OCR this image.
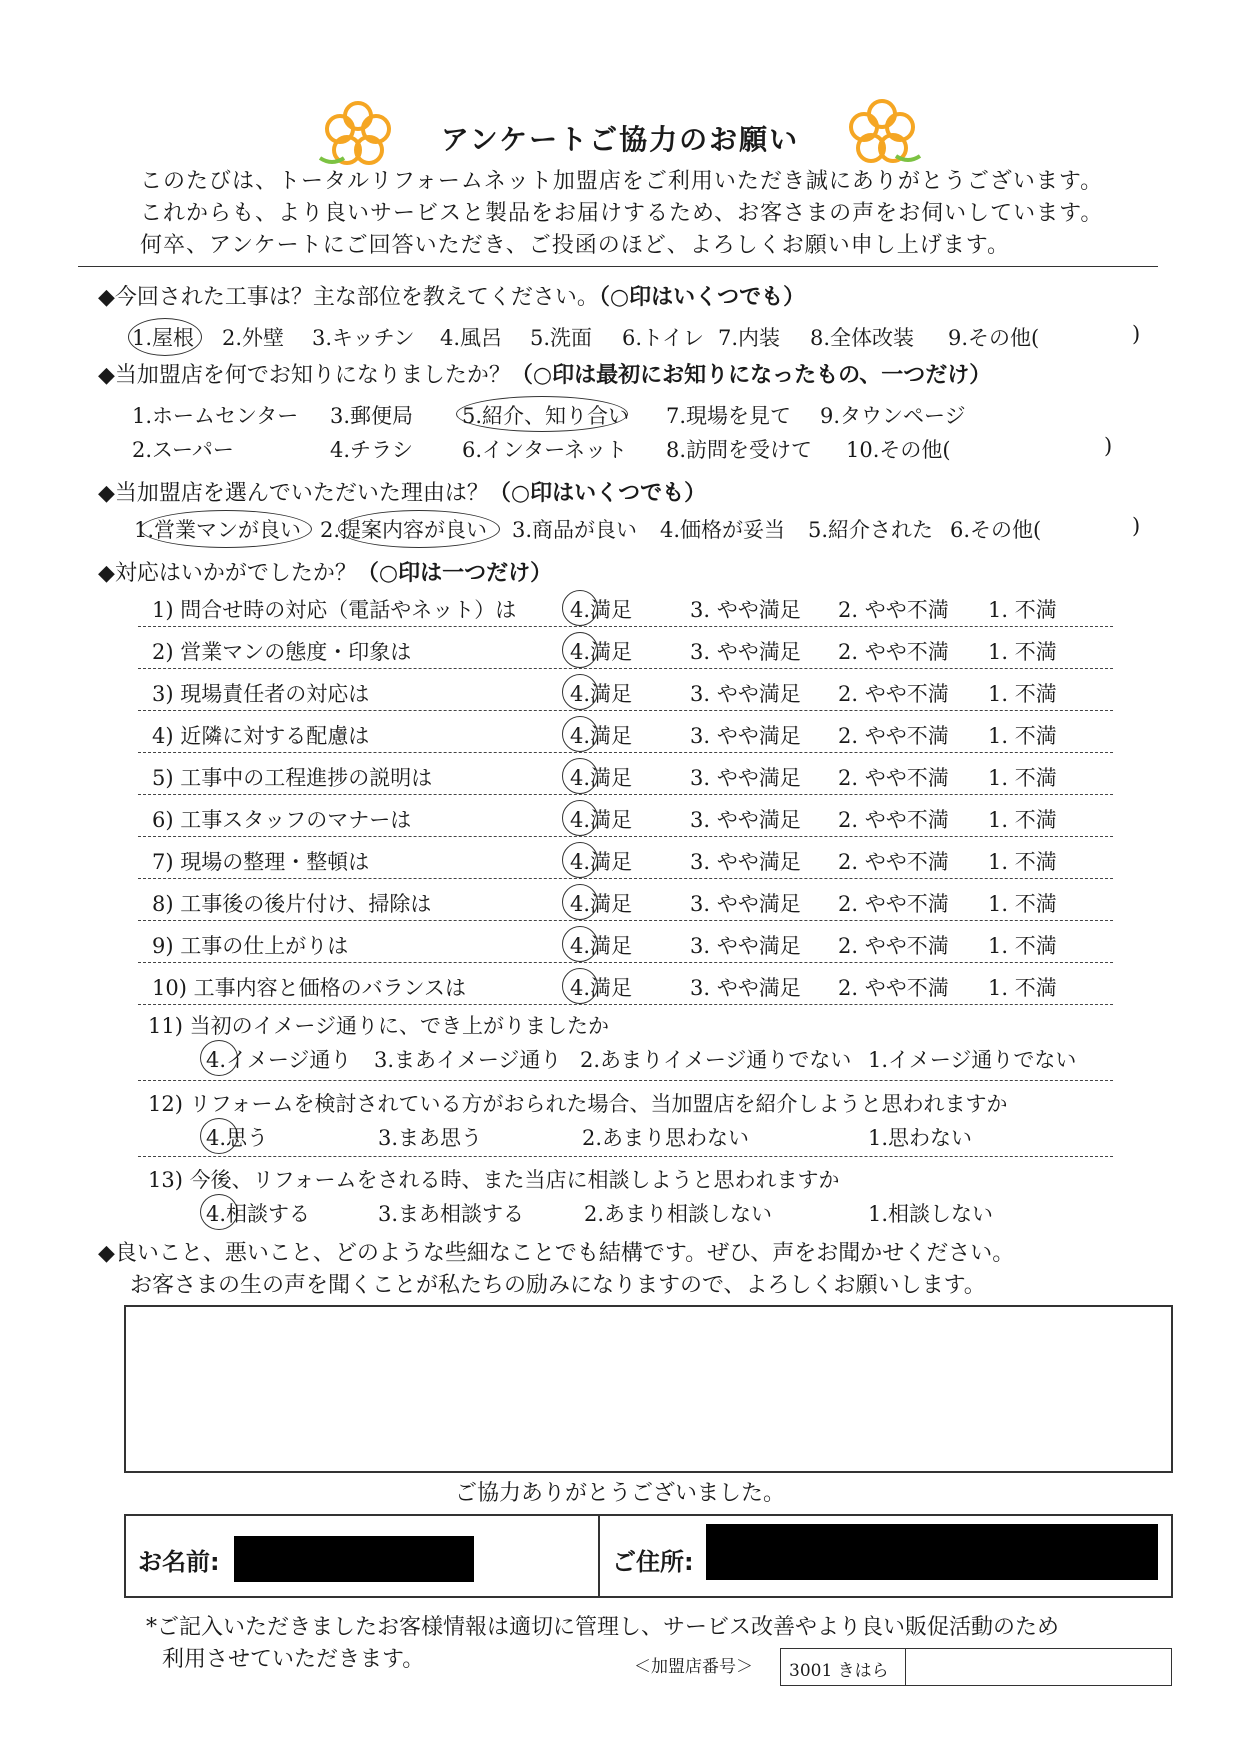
アンケートご協力のお願い
このたびは、トータルリフォームネット加盟店をご利用いただき誠にありがとうございます。
これからも、より良いサービスと製品をお届けするため、お客さまの声をお伺いしています。
何卒、アンケートにご回答いただき、ご投函のほど、よろしくお願い申し上げます。
◆今回された工事は？主な部位を教えてください。（○印はいくつでも）
1.屋根 2.外壁 3.キッチン 4.風呂 5.洗面 6.トイレ 7.内装 8.全体改装 9.その他(	)
◆当加盟店を何でお知りになりましたか？（○印は最初にお知りになったもの、一つだけ）
1.ホームセンター 3.郵便局 5.紹介、知り合い 7.現場を見て 9.タウンページ
2.スーパー	4.チラシ 6.インターネット 8.訪問を受けて 10.その他(	)
◆当加盟店を選んでいただいた理由は？（○印はいくつでも）
1.営業マンが良い 2.提案内容が良い 3.商品が良い 4.価格が妥当 5.紹介された 6.その他(	)
◆対応はいかがでしたか？（○印は一つだけ）
1) 問合せ時の対応（電話やネット）は	4.満足	3. やや満足 2. やや不満 1. 不満
2) 営業マンの態度・印象は	4.満足	3. やや満足 2. やや不満 1. 不満
3) 現場責任者の対応は	4.満足	3. やや満足 2. やや不満 1. 不満
4) 近隣に対する配慮は	4.満足	3. やや満足 2. やや不満 1. 不満
5) 工事中の工程進捗の説明は	4.満足	3. やや満足 2. やや不満 1. 不満
6) 工事スタッフのマナーは	4.満足	3. やや満足 2. やや不満 1. 不満
7) 現場の整理・整頓は	4.満足	3. やや満足 2. やや不満 1. 不満
8) 工事後の後片付け、掃除は	4.満足	3. やや満足 2. やや不満 1. 不満
9) 工事の仕上がりは	4.満足	3. やや満足 2. やや不満 1. 不満
10) 工事内容と価格のバランスは	4.満足	3. やや満足 2. やや不満 1. 不満
11) 当初のイメージ通りに、でき上がりましたか
4.イメージ通り 3.まあイメージ通り 2.あまりイメージ通りでない 1.イメージ通りでない
12) リフォームを検討されている方がおられた場合、当加盟店を紹介しようと思われますか
4.思う	3.まあ思う	2.あまり思わない	1.思わない
13) 今後、リフォームをされる時、また当店に相談しようと思われますか
4.相談する	3.まあ相談する	2.あまり相談しない	1.相談しない
◆良いこと、悪いこと、どのような些細なことでも結構です。ぜひ、声をお聞かせください。
お客さまの生の声を聞くことが私たちの励みになりますので、よろしくお願いします。
ご協力ありがとうございました。
お名前:	ご住所:
*ご記入いただきましたお客様情報は適切に管理し、サービス改善やより良い販促活動のため
利用させていただきます。	＜加盟店番号＞ 3001 きはら
